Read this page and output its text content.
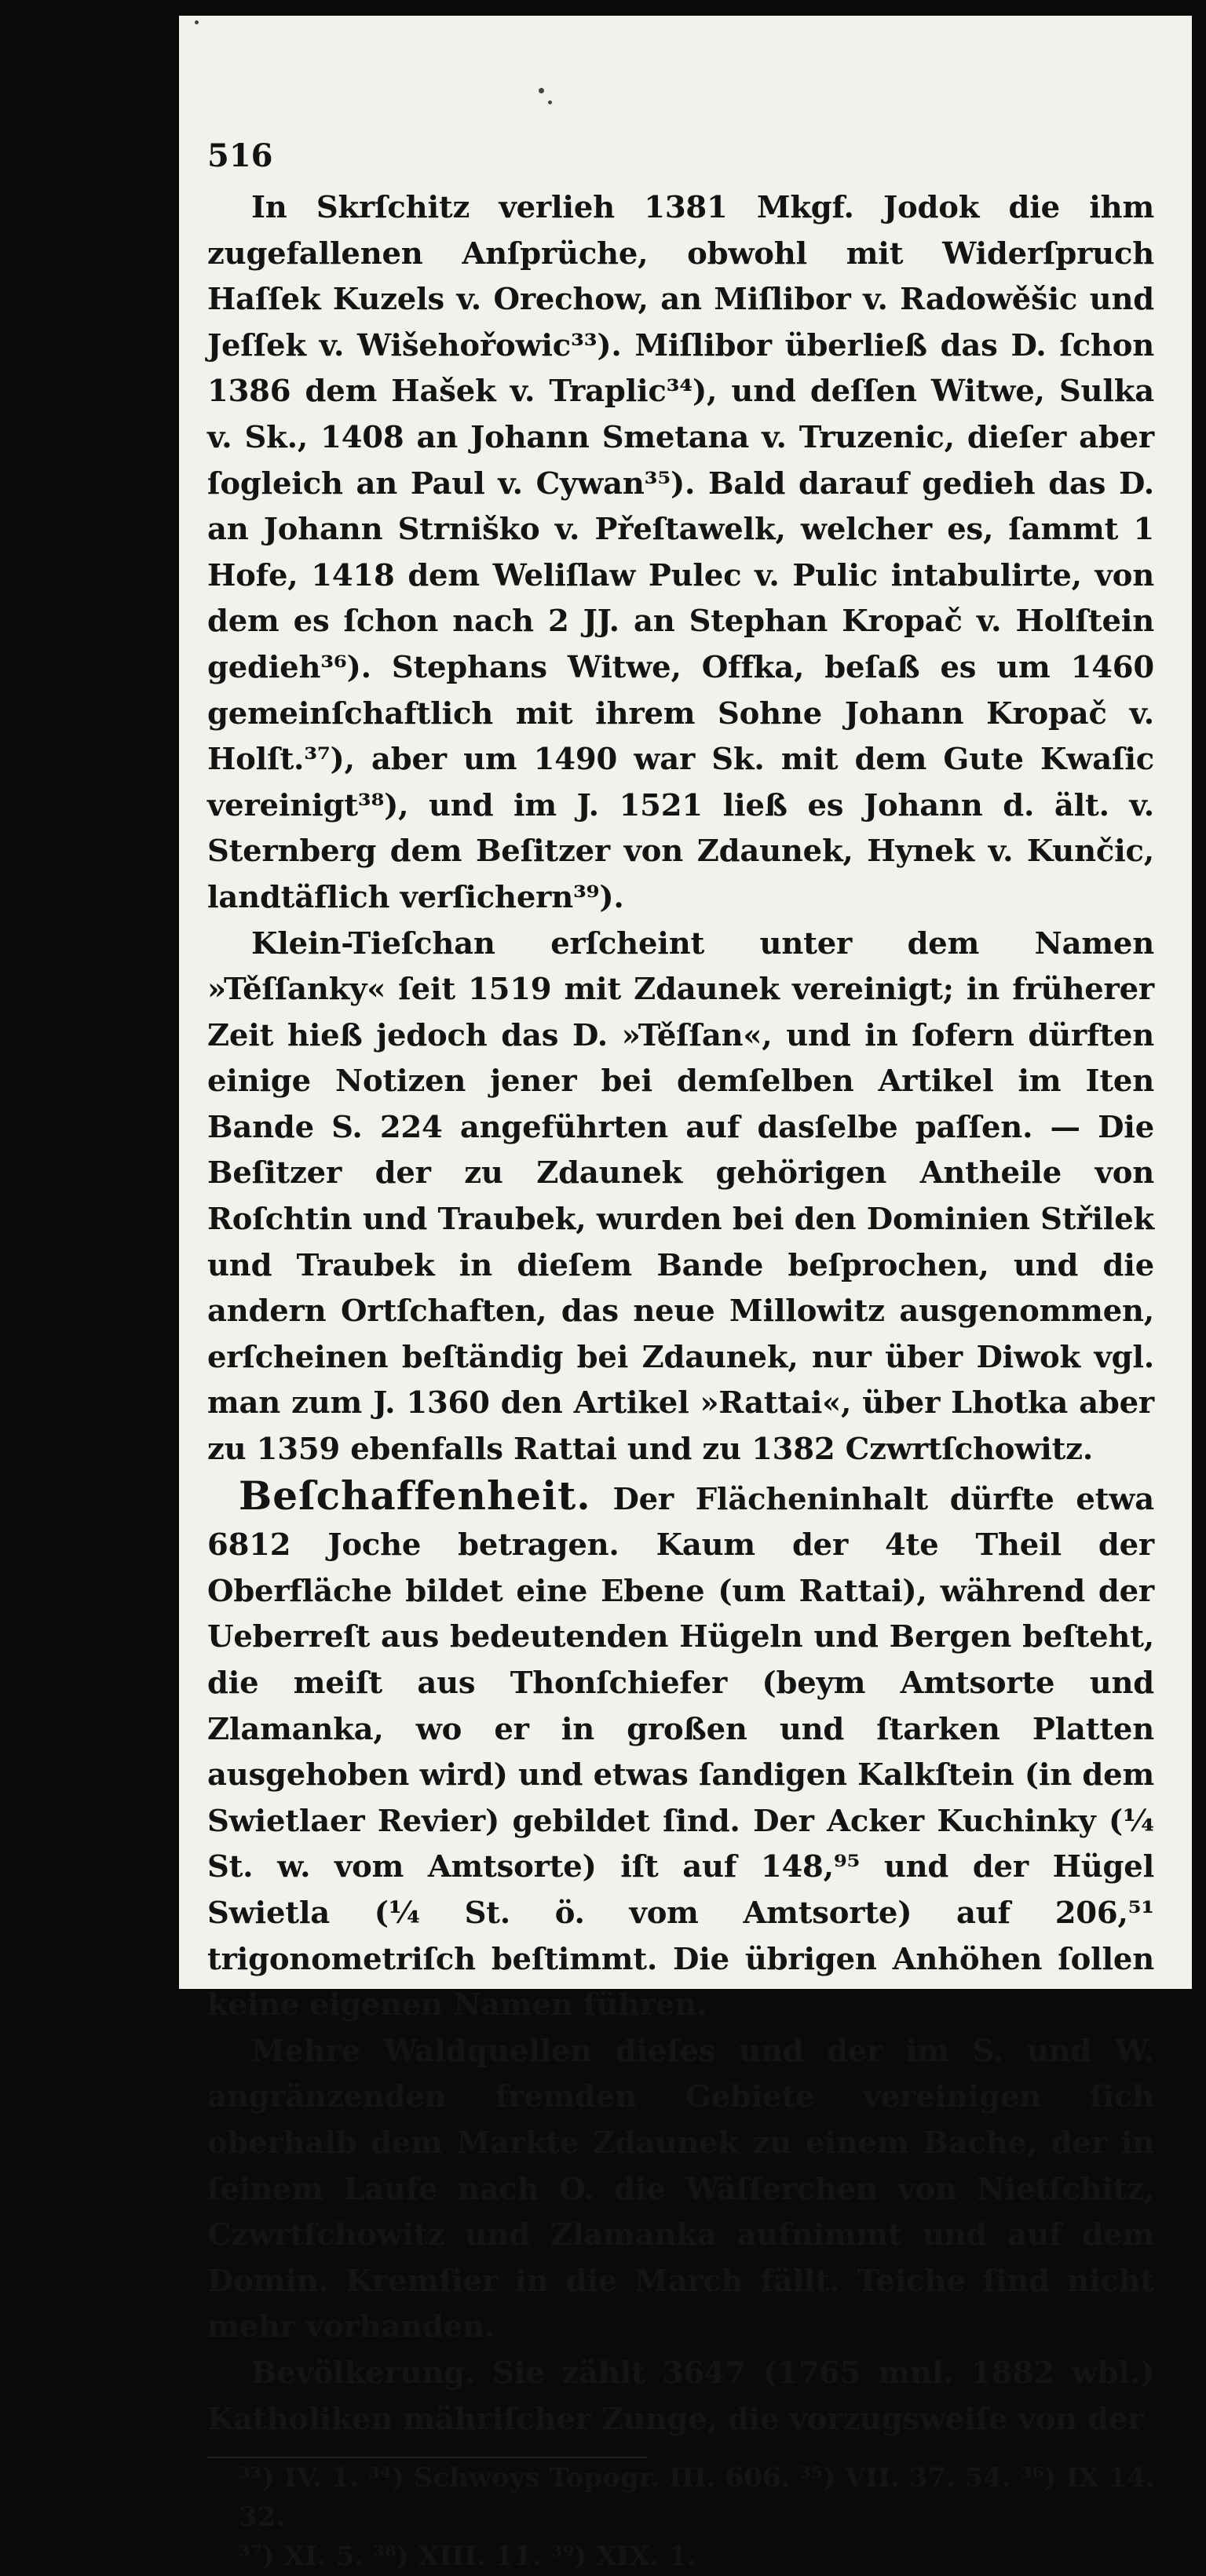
516

In Skrſchitz verlieh 1381 Mkgf. Jodok die ihm zugefallenen Anſprüche, obwohl mit Widerſpruch Haſſek Kuzels v. Orechow, an Miſlibor v. Radowěšic und Jeſſek v. Wišehořowic³³). Miſlibor überließ das D. ſchon 1386 dem Hašek v. Traplic³⁴), und deſſen Witwe, Sulka v. Sk., 1408 an Johann Smetana v. Truzenic, dieſer aber ſogleich an Paul v. Cywan³⁵). Bald darauf gedieh das D. an Johann Strniško v. Přeſtawelk, welcher es, ſammt 1 Hofe, 1418 dem Weliſlaw Pulec v. Pulic intabulirte, von dem es ſchon nach 2 JJ. an Stephan Kropač v. Holſtein gedieh³⁶). Stephans Witwe, Offka, beſaß es um 1460 gemeinſchaftlich mit ihrem Sohne Johann Kropač v. Holſt.³⁷), aber um 1490 war Sk. mit dem Gute Kwaſic vereinigt³⁸), und im J. 1521 ließ es Johann d. ält. v. Sternberg dem Beſitzer von Zdaunek, Hynek v. Kunčic, landtäflich verſichern³⁹).

Klein-Tieſchan erſcheint unter dem Namen »Těſſanky« ſeit 1519 mit Zdaunek vereinigt; in früherer Zeit hieß jedoch das D. »Těſſan«, und in ſofern dürften einige Notizen jener bei demſelben Artikel im Iten Bande S. 224 angeführten auf dasſelbe paſſen. — Die Beſitzer der zu Zdaunek gehörigen Antheile von Roſchtin und Traubek, wurden bei den Dominien Střilek und Traubek in dieſem Bande beſprochen, und die andern Ortſchaften, das neue Millowitz ausgenommen, erſcheinen beſtändig bei Zdaunek, nur über Diwok vgl. man zum J. 1360 den Artikel »Rattai«, über Lhotka aber zu 1359 ebenfalls Rattai und zu 1382 Czwrtſchowitz.

Beſchaffenheit. Der Flächeninhalt dürfte etwa 6812 Joche betragen. Kaum der 4te Theil der Oberfläche bildet eine Ebene (um Rattai), während der Ueberreſt aus bedeutenden Hügeln und Bergen beſteht, die meiſt aus Thonſchiefer (beym Amtsorte und Zlamanka, wo er in großen und ſtarken Platten ausgehoben wird) und etwas ſandigen Kalkſtein (in dem Swietlaer Revier) gebildet ſind. Der Acker Kuchinky (¼ St. w. vom Amtsorte) iſt auf 148,⁹⁵ und der Hügel Swietla (¼ St. ö. vom Amtsorte) auf 206,⁵¹ trigonometriſch beſtimmt. Die übrigen Anhöhen ſollen keine eigenen Namen führen.

Mehre Waldquellen dieſes und der im S. und W. angränzenden fremden Gebiete vereinigen ſich oberhalb dem Markte Zdaunek zu einem Bache, der in ſeinem Laufe nach O. die Wäſſerchen von Nietſchitz, Czwrtſchowitz und Zlamanka aufnimmt und auf dem Domin. Kremſier in die March fällt. Teiche ſind nicht mehr vorhanden.

Bevölkerung. Sie zählt 3647 (1765 mnl. 1882 wbl.) Katholiken mähriſcher Zunge, die vorzugsweiſe von der

³³) IV. 1. ³⁴) Schwoys Topogr. III. 606. ³⁵) VII. 37. 54. ³⁶) IX 14. 32.
³⁷) XI. 5. ³⁸) XIII. 11. ³⁹) XIX. 1.
